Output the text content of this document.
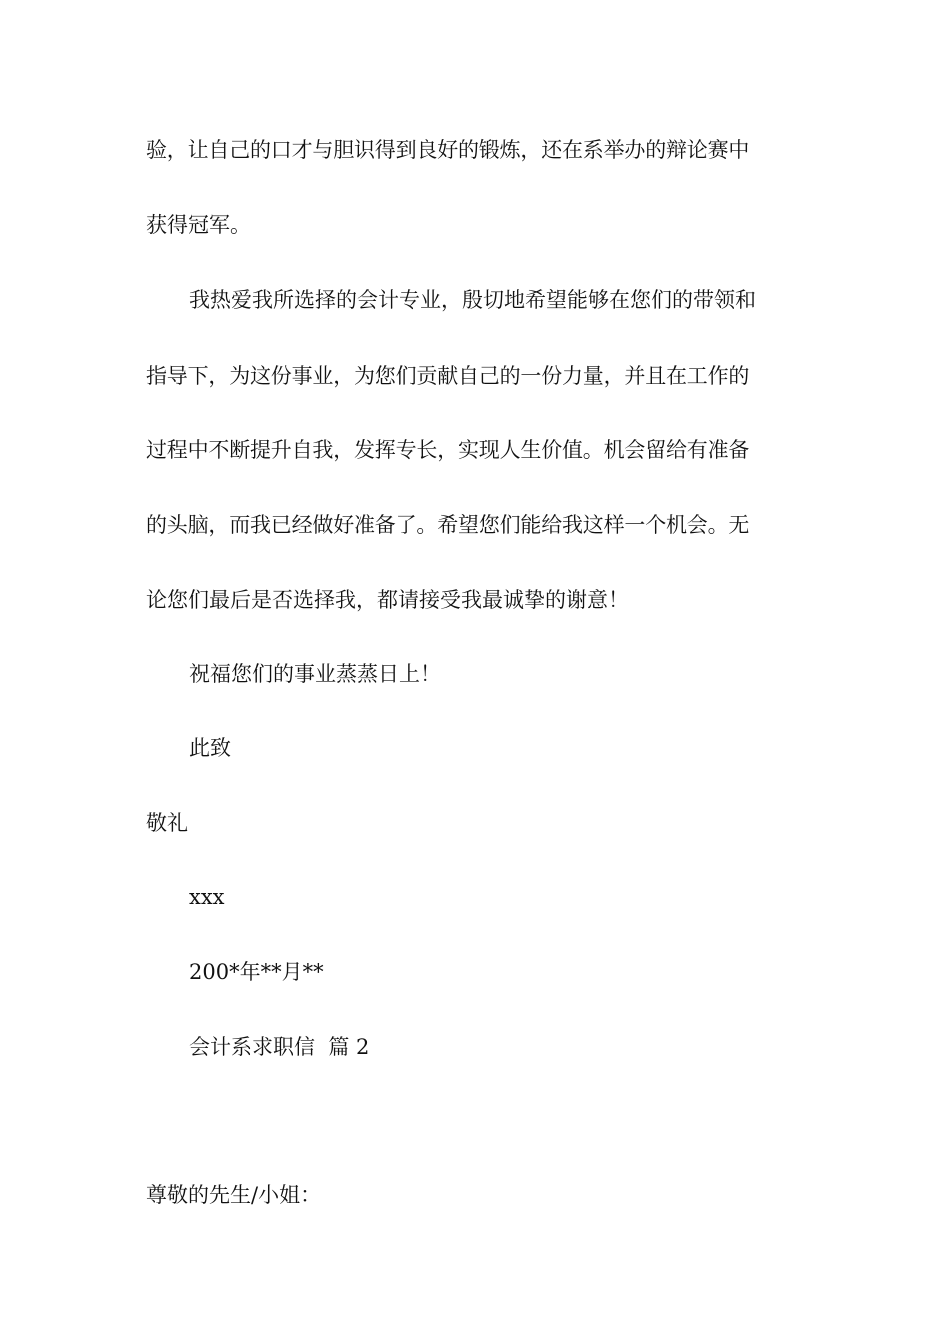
验，让自己的口才与胆识得到良好的锻炼，还在系举办的辩论赛中
获得冠军。
我热爱我所选择的会计专业，殷切地希望能够在您们的带领和
指导下，为这份事业，为您们贡献自己的一份力量，并且在工作的
过程中不断提升自我，发挥专长，实现人生价值。机会留给有准备
的头脑，而我已经做好准备了。希望您们能给我这样一个机会。无
论您们最后是否选择我，都请接受我最诚挚的谢意！
祝福您们的事业蒸蒸日上！
此致
敬礼
xxx
200*年**月**
会计系求职信  篇 2
尊敬的先生/小姐：
